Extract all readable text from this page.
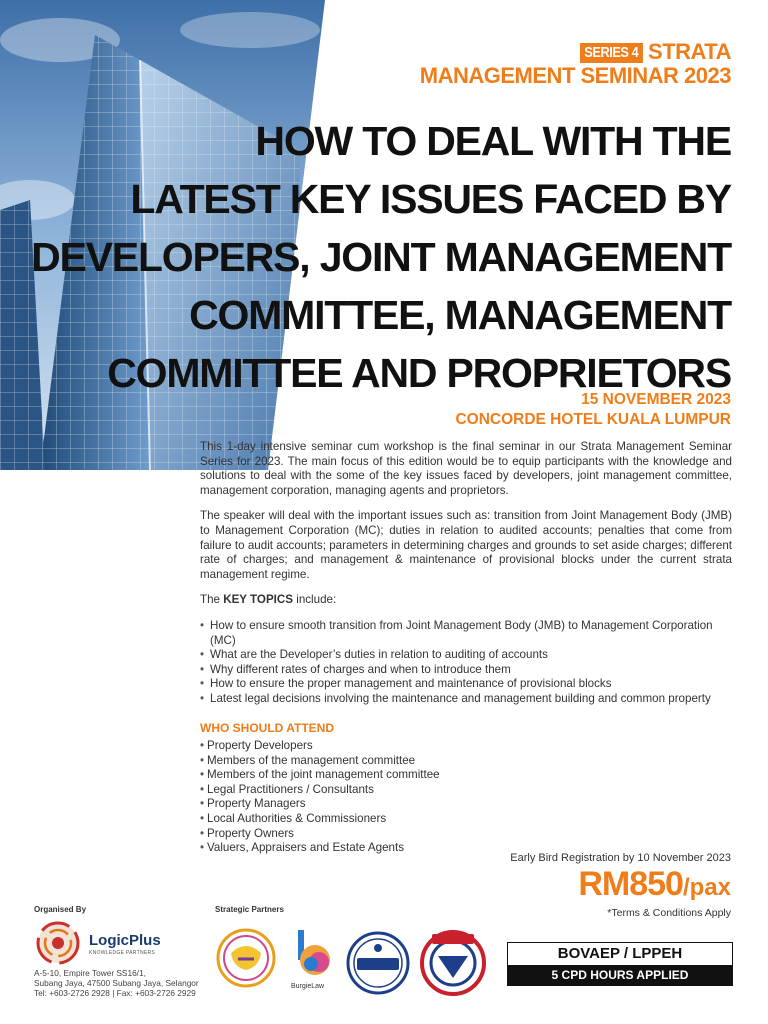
SERIES 4 STRATA
MANAGEMENT SEMINAR 2023
HOW TO DEAL WITH THE
LATEST KEY ISSUES FACED BY
DEVELOPERS, JOINT MANAGEMENT
COMMITTEE, MANAGEMENT
COMMITTEE AND PROPRIETORS
15 NOVEMBER 2023
CONCORDE HOTEL KUALA LUMPUR

This 1-day intensive seminar cum workshop is the final seminar in our Strata Management Seminar Series for 2023. The main focus of this edition would be to equip participants with the knowledge and solutions to deal with the some of the key issues faced by developers, joint management committee, management corporation, managing agents and proprietors.

The speaker will deal with the important issues such as: transition from Joint Management Body (JMB) to Management Corporation (MC); duties in relation to audited accounts; penalties that come from failure to audit accounts; parameters in determining charges and grounds to set aside charges; different rate of charges; and management & maintenance of provisional blocks under the current strata management regime.

The KEY TOPICS include:

• How to ensure smooth transition from Joint Management Body (JMB) to Management Corporation (MC)
• What are the Developer’s duties in relation to auditing of accounts
• Why different rates of charges and when to introduce them
• How to ensure the proper management and maintenance of provisional blocks
• Latest legal decisions involving the maintenance and management building and common property
WHO SHOULD ATTEND
• Property Developers
• Members of the management committee
• Members of the joint management committee
• Legal Practitioners / Consultants
• Property Managers
• Local Authorities & Commissioners
• Property Owners
• Valuers, Appraisers and Estate Agents
Early Bird Registration by 10 November 2023
RM850/pax
*Terms & Conditions Apply
BOVAEP / LPPEH
5 CPD HOURS APPLIED
Organised By
LogicPlus
KNOWLEDGE PARTNERS
A-5-10, Empire Tower SS16/1,
Subang Jaya, 47500 Subang Jaya, Selangor
Tel: +603-2726 2928 | Fax: +603-2726 2929
Strategic Partners
BurgieLaw
